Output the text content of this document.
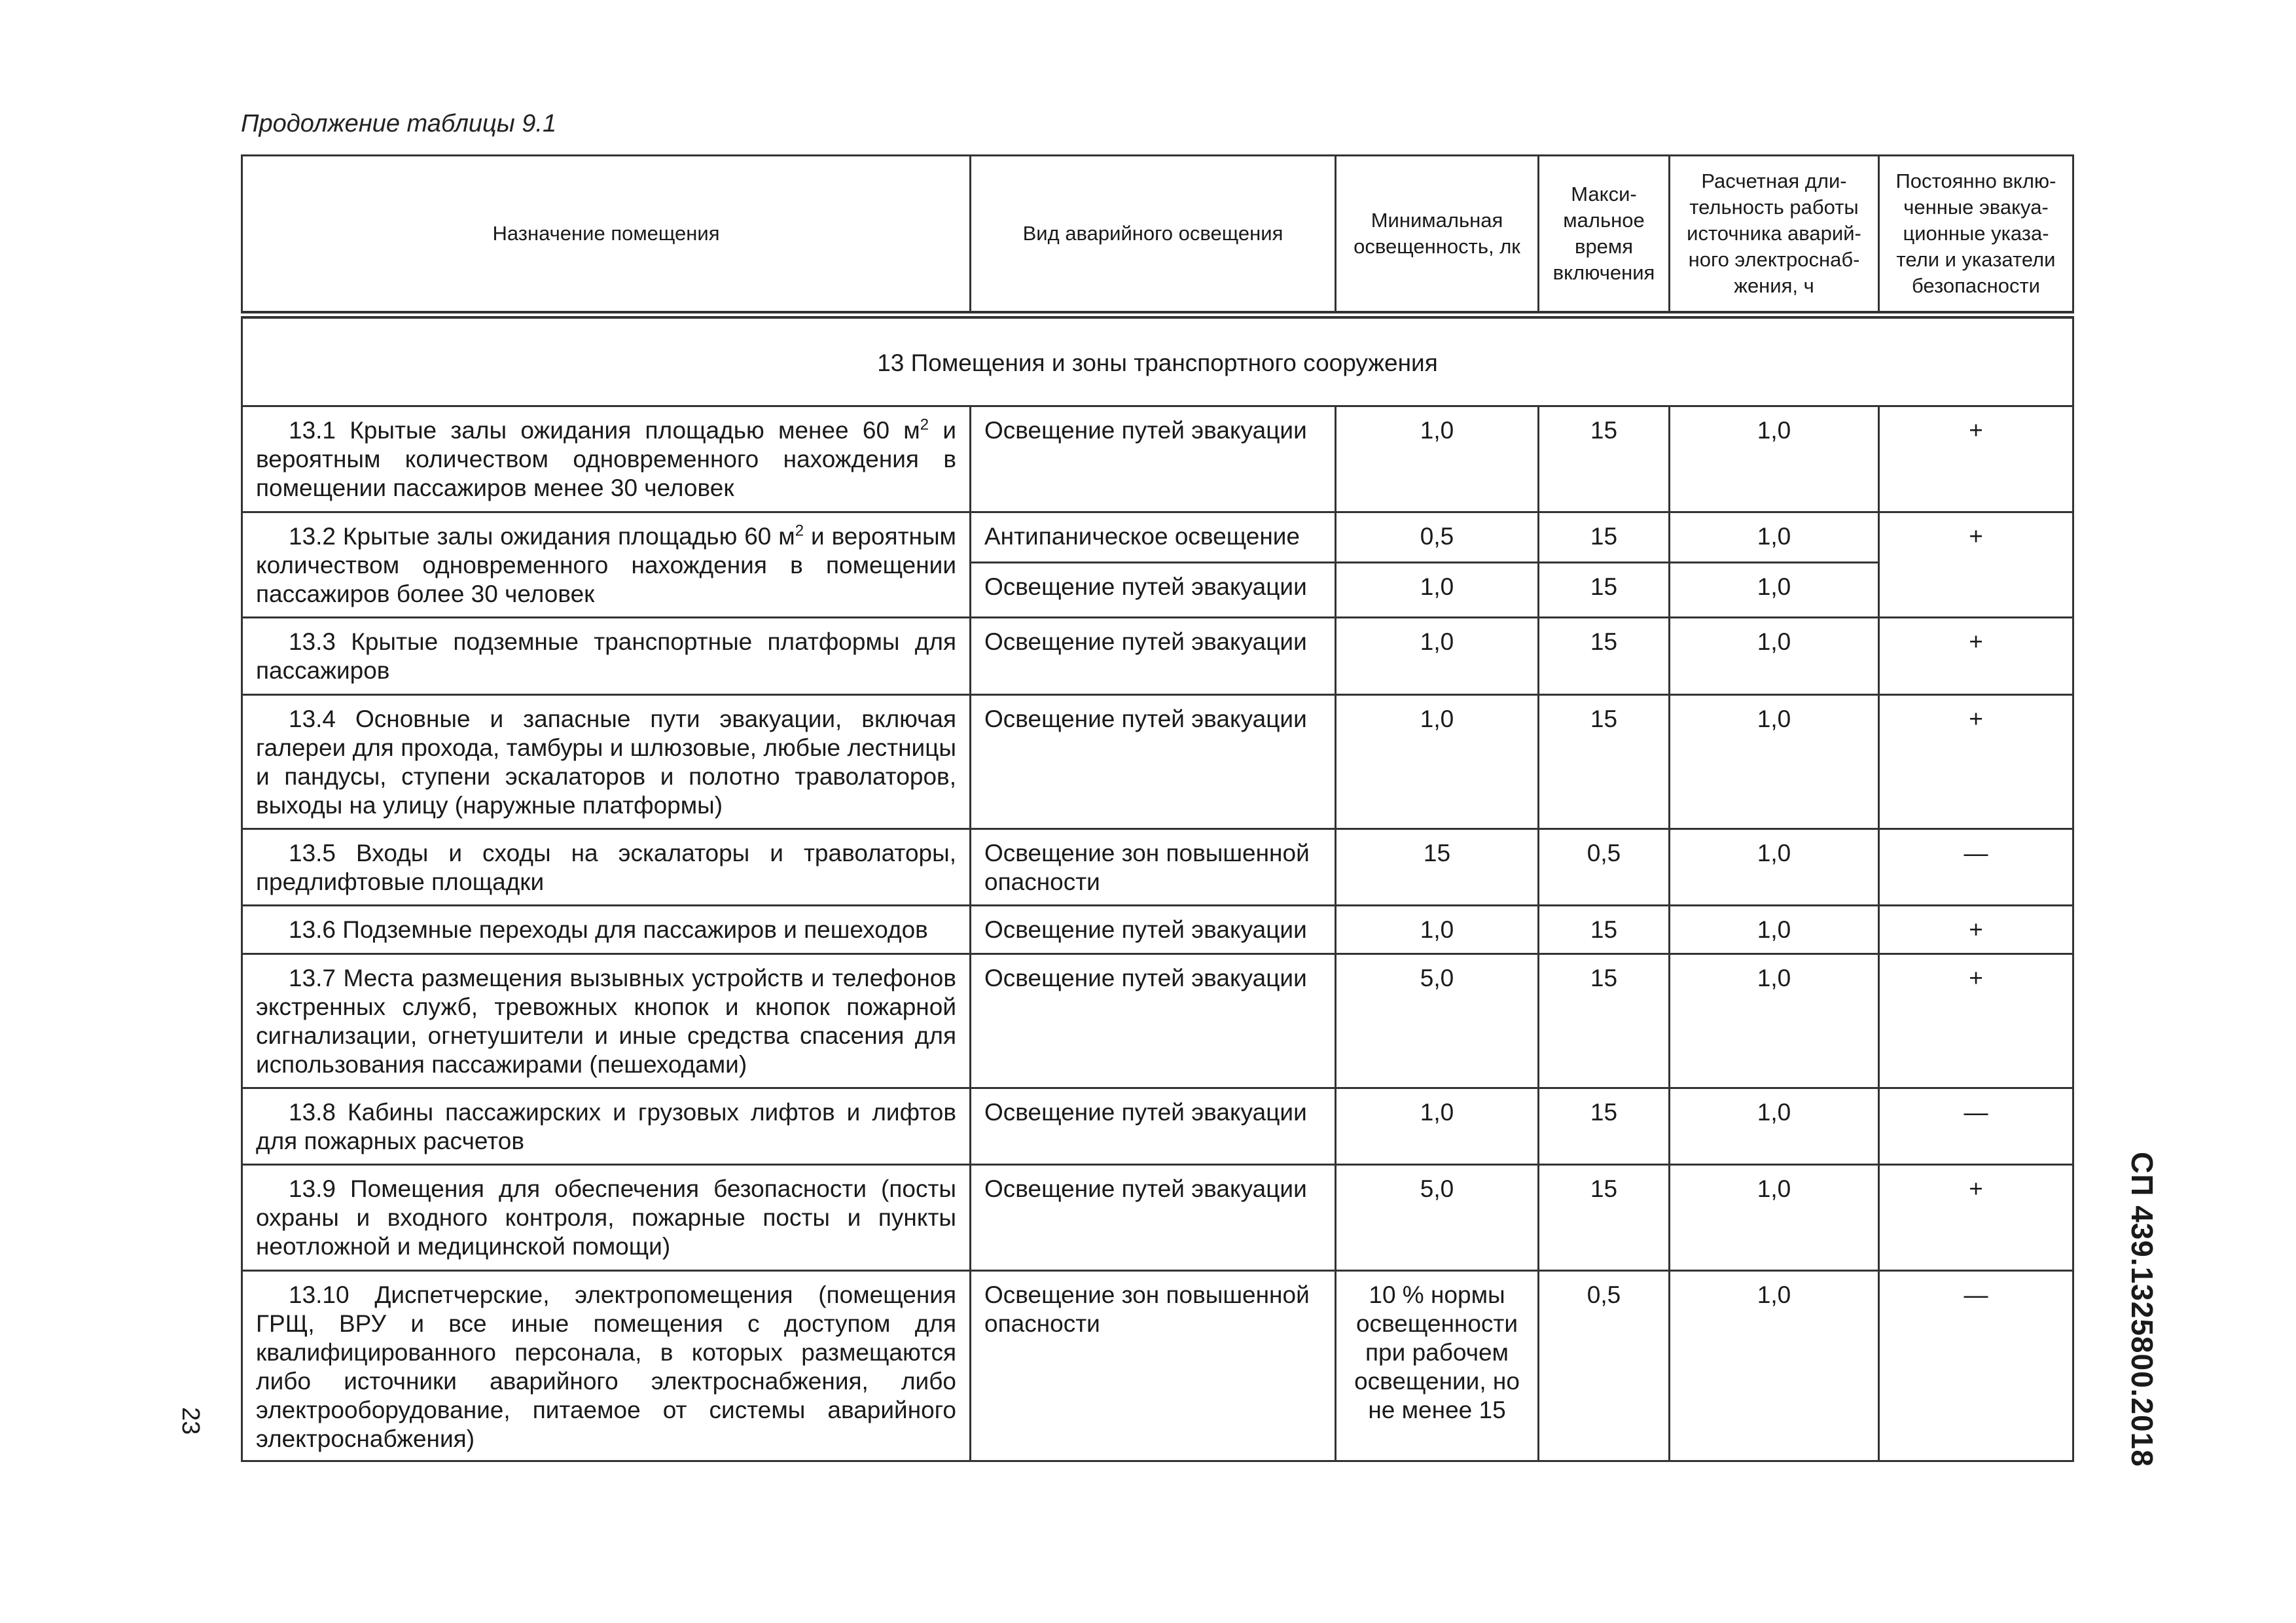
Продолжение таблицы 9.1
Назначение помещения	Вид аварийного освещения	Минимальная освещенность, лк	Макси-мальное время включения	Расчетная дли-тельность работы источника аварий-ного электроснаб-жения, ч	Постоянно вклю-ченные эвакуа-ционные указа-тели и указатели безопасности
13 Помещения и зоны транспортного сооружения					

13.1 Крытые залы ожидания площадью менее 60 $м^2$ и вероятным количеством одновременного нахождения в помещении пассажиров менее 30 человек	Освещение путей эвакуации	1,0	15	1,0	+

13.2 Крытые залы ожидания площадью 60 $м^2$ и вероятным количеством одновременного нахождения в помещении пассажиров более 30 человек	Антипаническое освещение	0,5	15	1,0	+
	Освещение путей эвакуации	1,0	15	1,0	

13.3 Крытые подземные транспортные платформы для пассажиров	Освещение путей эвакуации	1,0	15	1,0	+

13.4 Основные и запасные пути эвакуации, включая галереи для прохода, тамбуры и шлюзовые, любые лестницы и пандусы, ступени эскалаторов и полотно траволаторов, выходы на улицу (наружные платформы)	Освещение путей эвакуации	1,0	15	1,0	+

13.5 Входы и сходы на эскалаторы и траволаторы, предлифтовые площадки	Освещение зон повышенной опасности	15	0,5	1,0	—

13.6 Подземные переходы для пассажиров и пешеходов	Освещение путей эвакуации	1,0	15	1,0	+

13.7 Места размещения вызывных устройств и телефонов экстренных служб, тревожных кнопок и кнопок пожарной сигнализации, огнетушители и иные средства спасения для использования пассажирами (пешеходами)	Освещение путей эвакуации	5,0	15	1,0	+

13.8 Кабины пассажирских и грузовых лифтов и лифтов для пожарных расчетов	Освещение путей эвакуации	1,0	15	1,0	—

13.9 Помещения для обеспечения безопасности (посты охраны и входного контроля, пожарные посты и пункты неотложной и медицинской помощи)	Освещение путей эвакуации	5,0	15	1,0	+

13.10 Диспетчерские, электропомещения (помещения ГРЩ, ВРУ и все иные помещения с доступом для квалифицированного персонала, в которых размещаются либо источники аварийного электроснабжения, либо электрооборудование, питаемое от системы аварийного электроснабжения)	Освещение зон повышенной опасности	10 % нормы освещенности при рабочем освещении, но не менее 15	0,5	1,0	—	СП 439.1325800.2018
23
